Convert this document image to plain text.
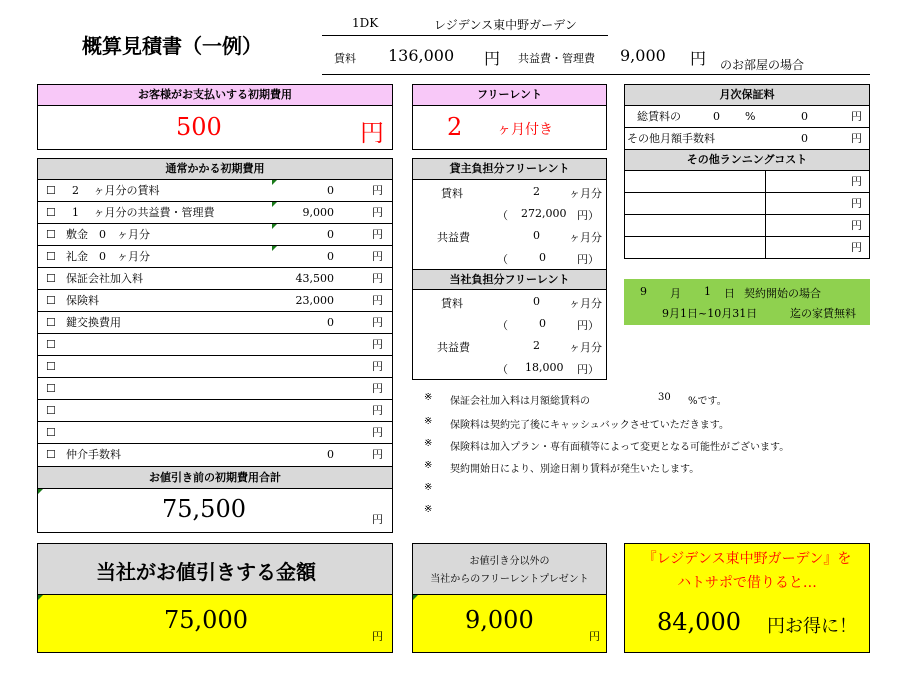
概算見積書（一例）
1DK	レジデンス東中野ガーデン
賃料 136,000 円 共益費・管理費 9,000 円 のお部屋の場合
お客様がお支払いする初期費用
500	円
フリーレント
2 ヶ月付き
月次保証料
総賃料の	0 %	0	円
その他月額手数料	0	円
その他ランニングコスト
円
円
円
円
通常かかる初期費用
☐ 2　 ヶ月分の賃料	0	円
☐ 1　 ヶ月分の共益費・管理費	9,000	円
☐ 敷金　0　ヶ月分	0	円
☐ 礼金　0　ヶ月分	0	円
☐ 保証会社加入料	43,500	円
☐ 保険料	23,000	円
☐ 鍵交換費用	0	円
☐	円
☐	円
☐	円
☐	円
☐	円
☐ 仲介手数料	0	円
お値引き前の初期費用合計
75,500	円
貸主負担分フリーレント
賃料	2	ヶ月分
（ 272,000 円）
共益費	0	ヶ月分
（	0	円）
当社負担分フリーレント
賃料	0	ヶ月分
（	0	円）
共益費	2	ヶ月分
（ 18,000 円）
9 月 1 日 契約開始の場合
9月1日~10月31日	迄の家賃無料
※ 保証会社加入料は月額総賃料の	30 %です。
※ 保険料は契約完了後にキャッシュバックさせていただきます。
※ 保険料は加入プラン・専有面積等によって変更となる可能性がございます。
※ 契約開始日により、別途日割り賃料が発生いたします。
※
※
当社がお値引きする金額
75,000
円
お値引き分以外の
当社からのフリーレントプレゼント
9,000
円
『レジデンス東中野ガーデン』を
ハトサポで借りると…
84,000 円お得に！
